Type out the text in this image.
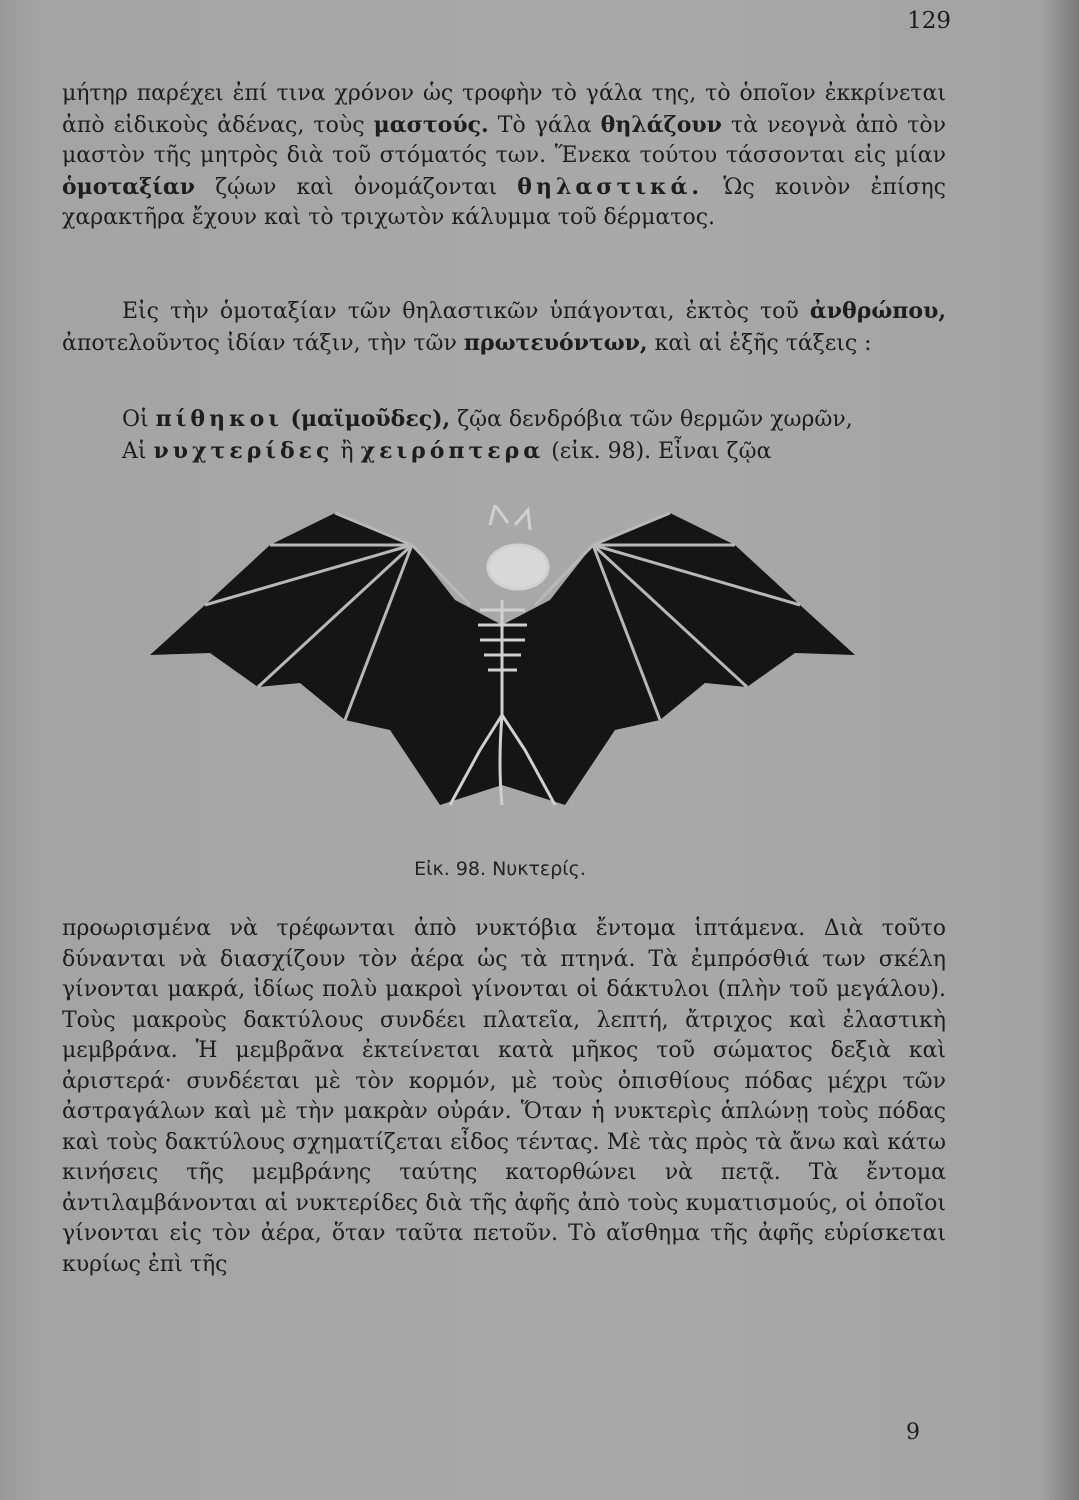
129

μήτηρ παρέχει ἐπί τινα χρόνον ὡς τροφὴν τὸ γάλα της, τὸ ὁποῖον ἐκκρίνεται ἀπὸ εἰδικοὺς ἀδένας, τοὺς μαστούς. Τὸ γάλα θηλάζουν τὰ νεογνὰ ἀπὸ τὸν μαστὸν τῆς μητρὸς διὰ τοῦ στόματός των. Ἕνεκα τούτου τάσσονται εἰς μίαν ὁμοταξίαν ζῴων καὶ ὀνομάζονται θηλαστικά. Ὡς κοινὸν ἐπίσης χαρακτῆρα ἔχουν καὶ τὸ τριχωτὸν κάλυμμα τοῦ δέρματος.

Εἰς τὴν ὁμοταξίαν τῶν θηλαστικῶν ὑπάγονται, ἐκτὸς τοῦ ἀνθρώπου, ἀποτελοῦντος ἰδίαν τάξιν, τὴν τῶν πρωτευόντων, καὶ αἱ ἑξῆς τάξεις :

Οἱ πίθηκοι (μαϊμοῦδες), ζῷα δενδρόβια τῶν θερμῶν χωρῶν,

Αἱ νυχτερίδες ἢ χειρόπτερα (εἰκ. 98). Εἶναι ζῷα

Εἰκ. 98. Νυκτερίς.

προωρισμένα νὰ τρέφωνται ἀπὸ νυκτόβια ἔντομα ἱπτάμενα. Διὰ τοῦτο δύνανται νὰ διασχίζουν τὸν ἀέρα ὡς τὰ πτηνά. Τὰ ἐμπρόσθιά των σκέλη γίνονται μακρά, ἰδίως πολὺ μακροὶ γίνονται οἱ δάκτυλοι (πλὴν τοῦ μεγάλου). Τοὺς μακροὺς δακτύλους συνδέει πλατεῖα, λεπτή, ἄτριχος καὶ ἐλαστικὴ μεμβράνα. Ἡ μεμβρᾶνα ἐκτείνεται κατὰ μῆκος τοῦ σώματος δεξιὰ καὶ ἀριστερά· συνδέεται μὲ τὸν κορμόν, μὲ τοὺς ὀπισθίους πόδας μέχρι τῶν ἀστραγάλων καὶ μὲ τὴν μακρὰν οὐράν. Ὅταν ἡ νυκτερὶς ἁπλώνῃ τοὺς πόδας καὶ τοὺς δακτύλους σχηματίζεται εἶδος τέντας. Μὲ τὰς πρὸς τὰ ἄνω καὶ κάτω κινήσεις τῆς μεμβράνης ταύτης κατορθώνει νὰ πετᾷ. Τὰ ἔντομα ἀντιλαμβάνονται αἱ νυκτερίδες διὰ τῆς ἀφῆς ἀπὸ τοὺς κυματισμούς, οἱ ὁποῖοι γίνονται εἰς τὸν ἀέρα, ὅταν ταῦτα πετοῦν. Τὸ αἴσθημα τῆς ἀφῆς εὑρίσκεται κυρίως ἐπὶ τῆς

9
